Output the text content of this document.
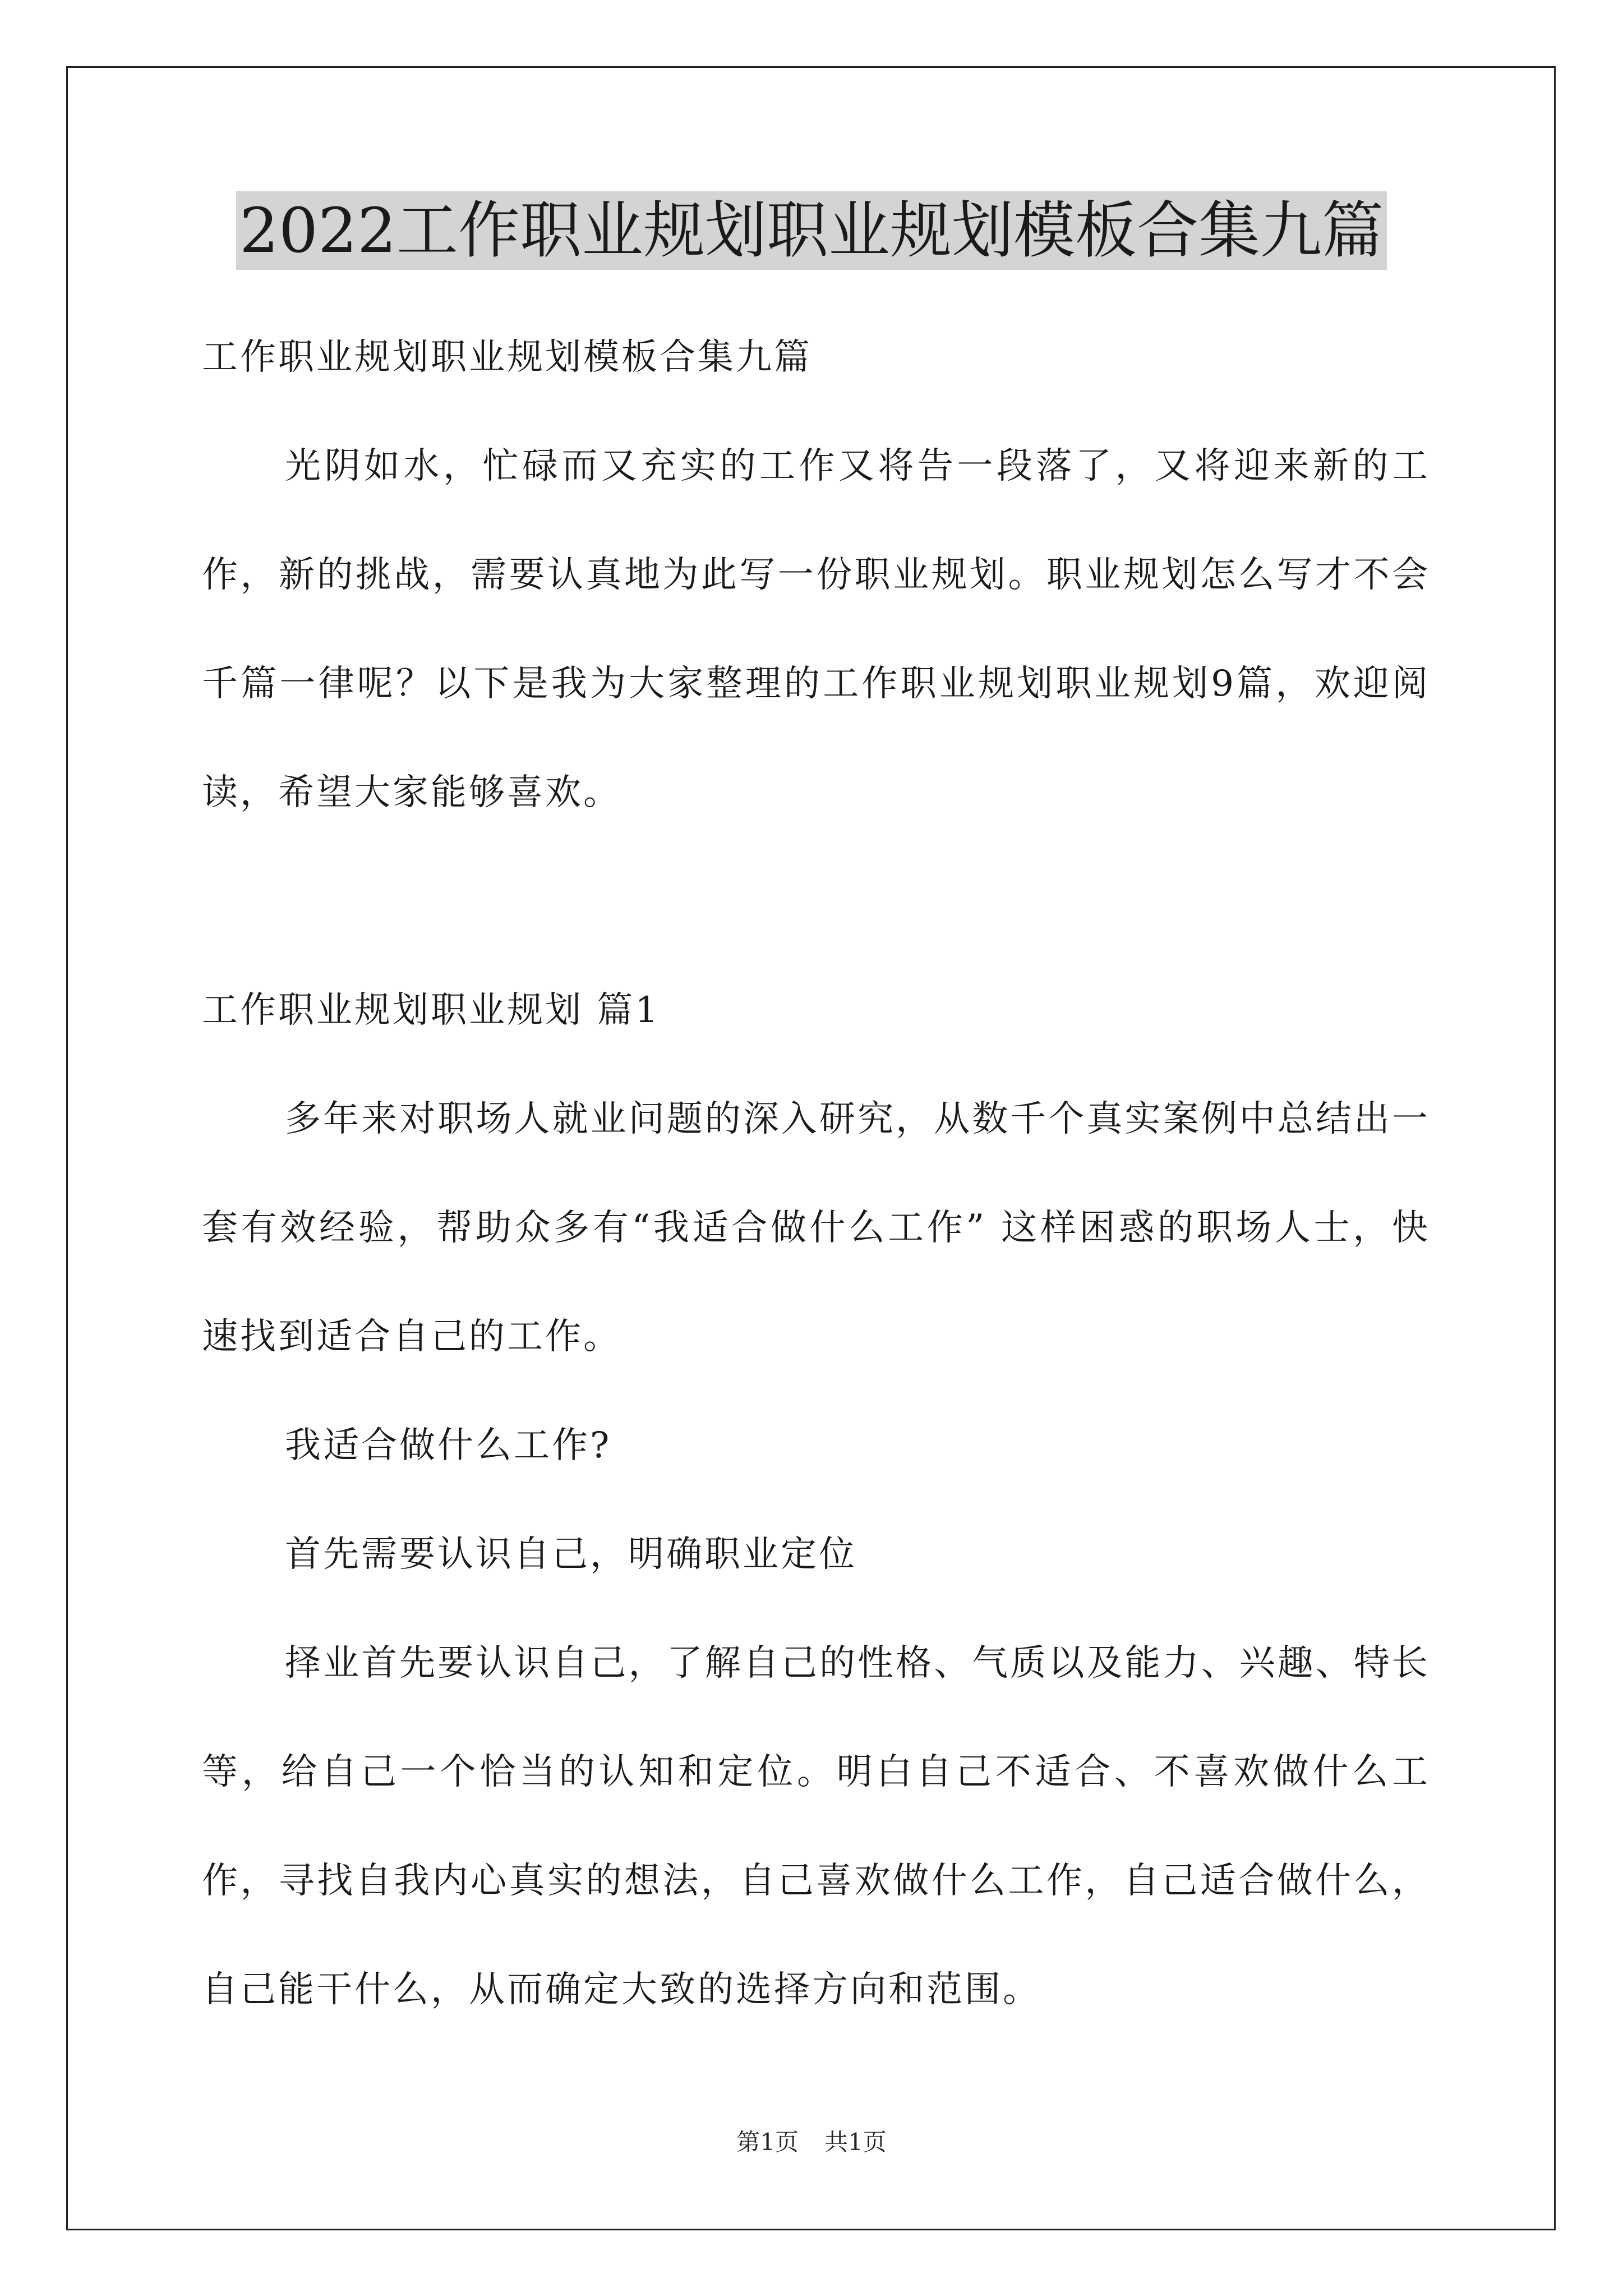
2022工作职业规划职业规划模板合集九篇

工作职业规划职业规划模板合集九篇

光阴如水，忙碌而又充实的工作又将告一段落了，又将迎来新的工作，新的挑战，需要认真地为此写一份职业规划。职业规划怎么写才不会千篇一律呢？以下是我为大家整理的工作职业规划职业规划9篇，欢迎阅读，希望大家能够喜欢。

工作职业规划职业规划 篇1

多年来对职场人就业问题的深入研究，从数千个真实案例中总结出一套有效经验，帮助众多有“我适合做什么工作” 这样困惑的职场人士，快速找到适合自己的工作。

我适合做什么工作?

首先需要认识自己，明确职业定位

择业首先要认识自己，了解自己的性格、气质以及能力、兴趣、特长等，给自己一个恰当的认知和定位。明白自己不适合、不喜欢做什么工作，寻找自我内心真实的想法，自己喜欢做什么工作，自己适合做什么，自己能干什么，从而确定大致的选择方向和范围。

第1页 共1页
